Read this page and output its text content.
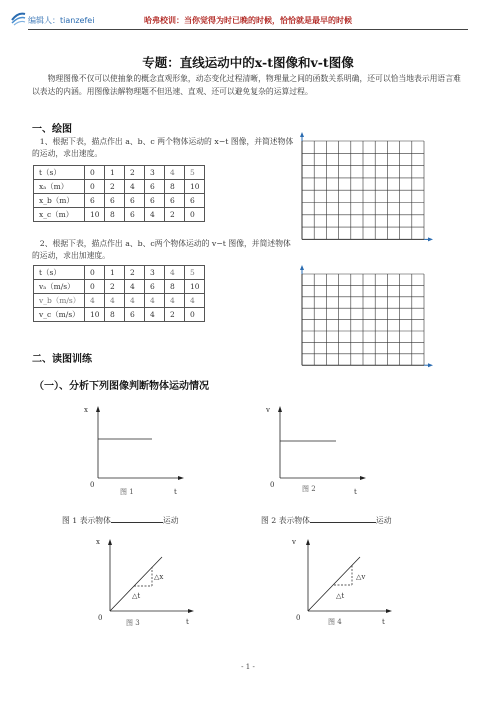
编辑人：tianzefei	哈弗校训：当你觉得为时已晚的时候，恰恰就是最早的时候
专题：直线运动中的x-t图像和v-t图像
物理图像不仅可以使抽象的概念直观形象，动态变化过程清晰，物理量之间的函数关系明确，还可以恰当地表示用语言难以表达的内涵。用图像法解物理题不但迅速、直观、还可以避免复杂的运算过程。
一、绘图
1、根据下表，描点作出 a、b、c 两个物体运动的 x−t 图像，并简述物体的运动，求出速度。
t（s）	0	1	2	3	4	5
xₐ（m）	0	2	4	6	8	10
x_b（m）	6	6	6	6	6	6
x_c（m）	10	8	6	4	2	0
2、根据下表，描点作出 a、b、c两个物体运动的 v−t 图像，并简述物体的运动，求出加速度。
t（s）	0	1	2	3	4	5
vₐ（m/s）	0	2	4	6	8	10
v_b（m/s）	4	4	4	4	4	4
v_c（m/s）	10	8	6	4	2	0
二、读图训练
（一）、分析下列图像判断物体运动情况
x
0
t
图 1
v
0
t
图 2
图 1 表示物体	运动	图 2 表示物体	运动
x
0
△x
△t
图 3
v
0
△v
△t
图 4	t
t
- 1 -
